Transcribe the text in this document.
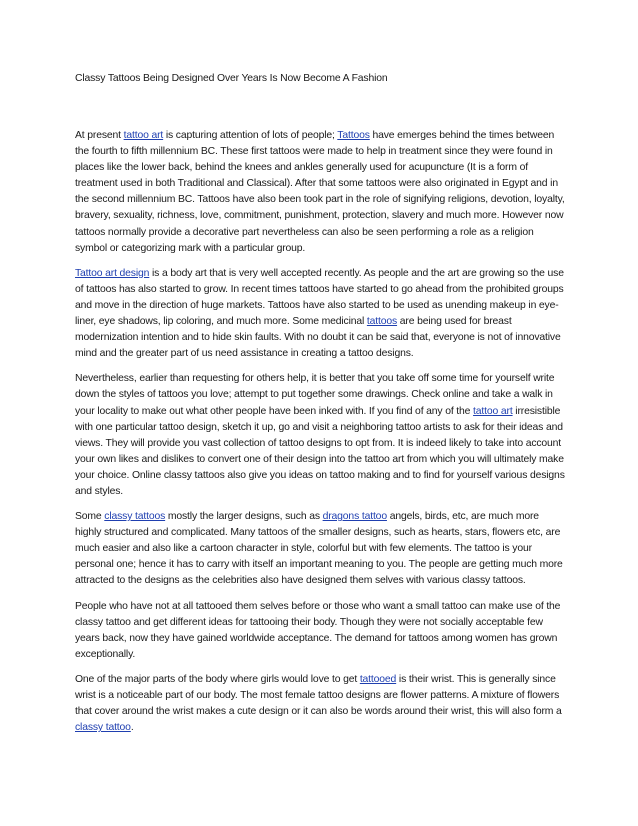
Classy Tattoos Being Designed Over Years Is Now Become A Fashion

At present tattoo art is capturing attention of lots of people; Tattoos have emerges behind the times between the fourth to fifth millennium BC. These first tattoos were made to help in treatment since they were found in places like the lower back, behind the knees and ankles generally used for acupuncture (It is a form of treatment used in both Traditional and Classical). After that some tattoos were also originated in Egypt and in the second millennium BC. Tattoos have also been took part in the role of signifying religions, devotion, loyalty, bravery, sexuality, richness, love, commitment, punishment, protection, slavery and much more. However now tattoos normally provide a decorative part nevertheless can also be seen performing a role as a religion symbol or categorizing mark with a particular group.

Tattoo art design is a body art that is very well accepted recently. As people and the art are growing so the use of tattoos has also started to grow. In recent times tattoos have started to go ahead from the prohibited groups and move in the direction of huge markets. Tattoos have also started to be used as unending makeup in eye-liner, eye shadows, lip coloring, and much more. Some medicinal tattoos are being used for breast modernization intention and to hide skin faults. With no doubt it can be said that, everyone is not of innovative mind and the greater part of us need assistance in creating a tattoo designs.

Nevertheless, earlier than requesting for others help, it is better that you take off some time for yourself write down the styles of tattoos you love; attempt to put together some drawings. Check online and take a walk in your locality to make out what other people have been inked with. If you find of any of the tattoo art irresistible with one particular tattoo design, sketch it up, go and visit a neighboring tattoo artists to ask for their ideas and views. They will provide you vast collection of tattoo designs to opt from. It is indeed likely to take into account your own likes and dislikes to convert one of their design into the tattoo art from which you will ultimately make your choice. Online classy tattoos also give you ideas on tattoo making and to find for yourself various designs and styles.

Some classy tattoos mostly the larger designs, such as dragons tattoo angels, birds, etc, are much more highly structured and complicated. Many tattoos of the smaller designs, such as hearts, stars, flowers etc, are much easier and also like a cartoon character in style, colorful but with few elements. The tattoo is your personal one; hence it has to carry with itself an important meaning to you. The people are getting much more attracted to the designs as the celebrities also have designed them selves with various classy tattoos.

People who have not at all tattooed them selves before or those who want a small tattoo can make use of the classy tattoo and get different ideas for tattooing their body. Though they were not socially acceptable few years back, now they have gained worldwide acceptance. The demand for tattoos among women has grown exceptionally.

One of the major parts of the body where girls would love to get tattooed is their wrist. This is generally since wrist is a noticeable part of our body. The most female tattoo designs are flower patterns. A mixture of flowers that cover around the wrist makes a cute design or it can also be words around their wrist, this will also form a classy tattoo.
